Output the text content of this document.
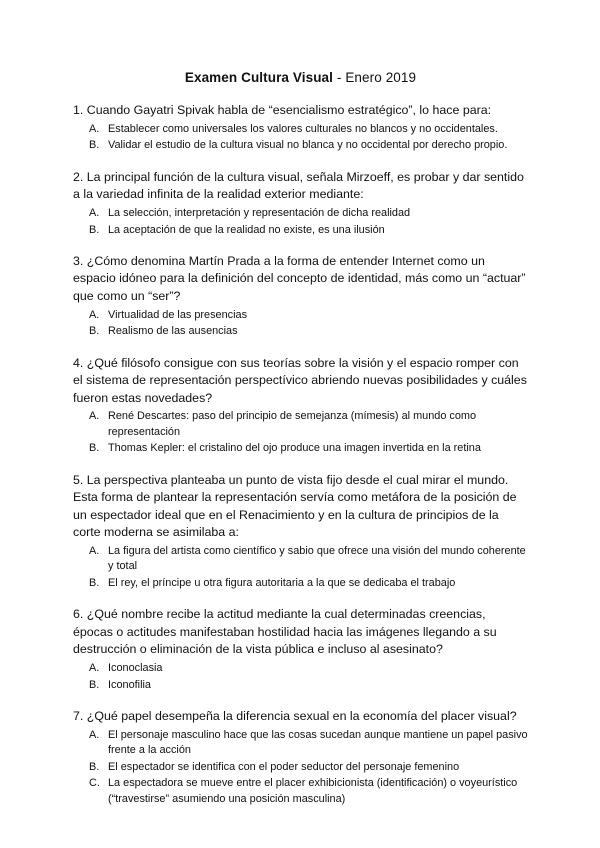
Examen Cultura Visual - Enero 2019

1. Cuando Gayatri Spivak habla de “esencialismo estratégico”, lo hace para:

A. Establecer como universales los valores culturales no blancos y no occidentales.
B. Validar el estudio de la cultura visual no blanca y no occidental por derecho propio.

2. La principal función de la cultura visual, señala Mirzoeff, es probar y dar sentido a la variedad infinita de la realidad exterior mediante:

A. La selección, interpretación y representación de dicha realidad
B. La aceptación de que la realidad no existe, es una ilusión

3. ¿Cómo denomina Martín Prada a la forma de entender Internet como un espacio idóneo para la definición del concepto de identidad, más como un “actuar” que como un “ser”?

A. Virtualidad de las presencias
B. Realismo de las ausencias

4. ¿Qué filósofo consigue con sus teorías sobre la visión y el espacio romper con el sistema de representación perspectívico abriendo nuevas posibilidades y cuáles fueron estas novedades?

A. René Descartes: paso del principio de semejanza (mímesis) al mundo como representación
B. Thomas Kepler: el cristalino del ojo produce una imagen invertida en la retina

5. La perspectiva planteaba un punto de vista fijo desde el cual mirar el mundo. Esta forma de plantear la representación servía como metáfora de la posición de un espectador ideal que en el Renacimiento y en la cultura de principios de la corte moderna se asimilaba a:

A. La figura del artista como científico y sabio que ofrece una visión del mundo coherente y total
B. El rey, el príncipe u otra figura autoritaria a la que se dedicaba el trabajo

6. ¿Qué nombre recibe la actitud mediante la cual determinadas creencias, épocas o actitudes manifestaban hostilidad hacia las imágenes llegando a su destrucción o eliminación de la vista pública e incluso al asesinato?

A. Iconoclasia
B. Iconofilia

7. ¿Qué papel desempeña la diferencia sexual en la economía del placer visual?

A. El personaje masculino hace que las cosas sucedan aunque mantiene un papel pasivo frente a la acción
B. El espectador se identifica con el poder seductor del personaje femenino
C. La espectadora se mueve entre el placer exhibicionista (identificación) o voyeurístico (“travestirse” asumiendo una posición masculina)
